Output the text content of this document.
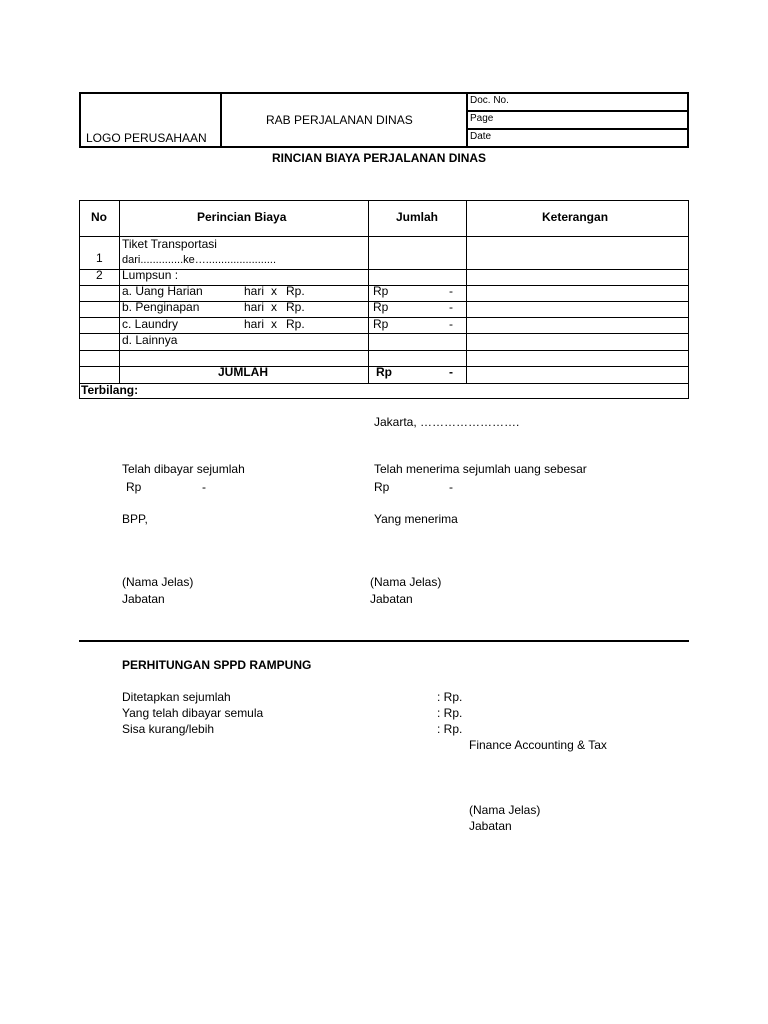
LOGO PERUSAHAAN
RAB PERJALANAN DINAS
Doc. No.
Page
Date
RINCIAN BIAYA PERJALANAN DINAS
No	Perincian Biaya	Jumlah	Keterangan
Tiket Transportasi
1 dari..............ke….......................
2 Lumpsun :
a. Uang Harian	hari x Rp.	Rp	-
b. Penginapan	hari x Rp.	Rp	-
c. Laundry	hari x Rp.	Rp	-
d. Lainnya
JUMLAH	Rp	-
Terbilang:
Jakarta, …………………….
Telah dibayar sejumlah
Rp	-
Telah menerima sejumlah uang sebesar
Rp	-
BPP,	Yang menerima
(Nama Jelas)
Jabatan
(Nama Jelas)
Jabatan
PERHITUNGAN SPPD RAMPUNG
Ditetapkan sejumlah	: Rp.
Yang telah dibayar semula	: Rp.
Sisa kurang/lebih	: Rp.
Finance Accounting & Tax
(Nama Jelas)
Jabatan
